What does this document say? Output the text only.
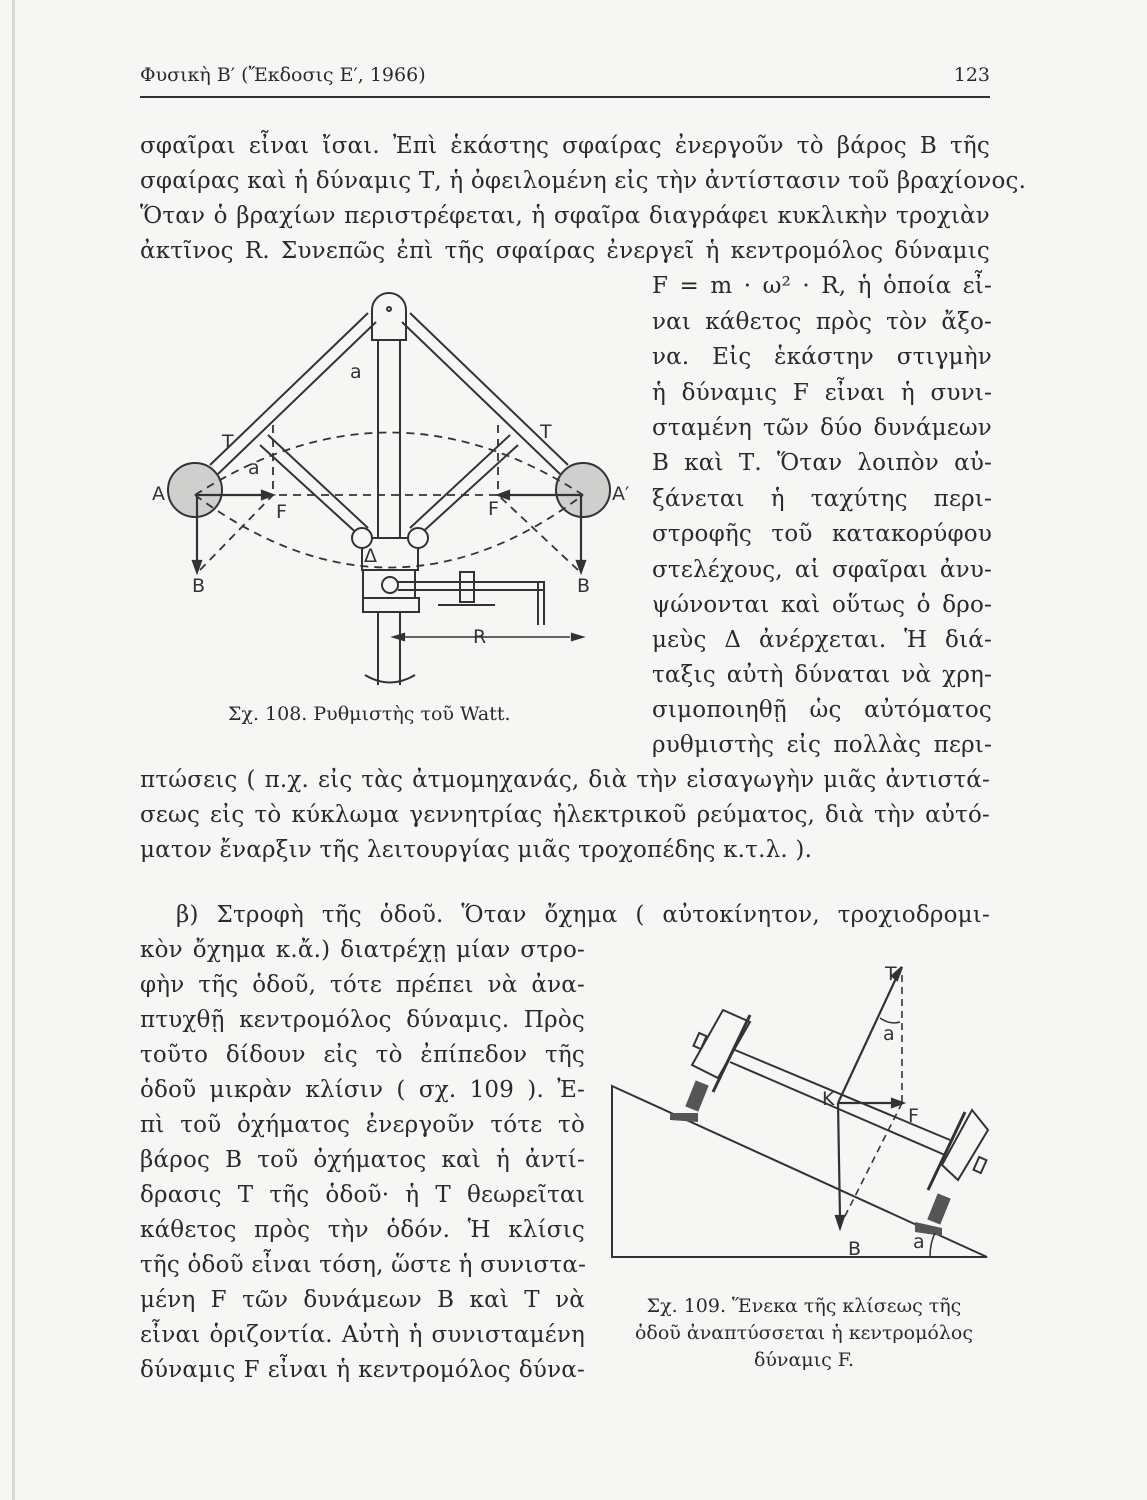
Φυσικὴ Β′ (Ἔκδοσις Ε′, 1966)	123
σφαῖραι εἶναι ἴσαι. Ἐπὶ ἑκάστης σφαίρας ἐνεργοῦν τὸ βάρος Β τῆς
σφαίρας καὶ ἡ δύναμις Τ, ἡ ὀφειλομένη εἰς τὴν ἀντίστασιν τοῦ βραχίονος.
Ὅταν ὁ βραχίων περιστρέφεται, ἡ σφαῖρα διαγράφει κυκλικὴν τροχιὰν
ἀκτῖνος R. Συνεπῶς ἐπὶ τῆς σφαίρας ἐνεργεῖ ἡ κεντρομόλος δύναμις
F = m · ω² · R, ἡ ὁποία εἶ-
ναι κάθετος πρὸς τὸν ἄξο-
να. Εἰς ἑκάστην στιγμὴν
ἡ δύναμις F εἶναι ἡ συνι-
σταμένη τῶν δύο δυνάμεων
Β καὶ Τ. Ὅταν λοιπὸν αὐ-
ξάνεται ἡ ταχύτης περι-
στροφῆς τοῦ κατακορύφου
στελέχους, αἱ σφαῖραι ἀνυ-
ψώνονται καὶ οὕτως ὁ δρο-
μεὺς Δ ἀνέρχεται. Ἡ διά-
ταξις αὐτὴ δύναται νὰ χρη-
σιμοποιηθῇ ὡς αὐτόματος
ρυθμιστὴς εἰς πολλὰς περι-
A	A′
T	T
a
a
F	F
B	B
Δ
R
Σχ. 108. Ρυθμιστὴς τοῦ Watt.
πτώσεις ( π.χ. εἰς τὰς ἀτμομηχανάς, διὰ τὴν εἰσαγωγὴν μιᾶς ἀντιστά-
σεως εἰς τὸ κύκλωμα γεννητρίας ἠλεκτρικοῦ ρεύματος, διὰ τὴν αὐτό-
ματον ἔναρξιν τῆς λειτουργίας μιᾶς τροχοπέδης κ.τ.λ. ).
β) Στροφὴ τῆς ὁδοῦ. Ὅταν ὄχημα ( αὐτοκίνητον, τροχιοδρομι-
κὸν ὄχημα κ.ἄ.) διατρέχῃ μίαν στρο-
φὴν τῆς ὁδοῦ, τότε πρέπει νὰ ἀνα-
πτυχθῇ κεντρομόλος δύναμις. Πρὸς
τοῦτο δίδουν εἰς τὸ ἐπίπεδον τῆς
ὁδοῦ μικρὰν κλίσιν ( σχ. 109 ). Ἐ-
πὶ τοῦ ὀχήματος ἐνεργοῦν τότε τὸ
βάρος Β τοῦ ὀχήματος καὶ ἡ ἀντί-
δρασις Τ τῆς ὁδοῦ· ἡ Τ θεωρεῖται
κάθετος πρὸς τὴν ὁδόν. Ἡ κλίσις
τῆς ὁδοῦ εἶναι τόση, ὥστε ἡ συνιστα-
μένη F τῶν δυνάμεων Β καὶ Τ νὰ
εἶναι ὁριζοντία. Αὐτὴ ἡ συνισταμένη
δύναμις F εἶναι ἡ κεντρομόλος δύνα-
T
a
K
F
B	a
Σχ. 109. Ἕνεκα τῆς κλίσεως τῆς
ὁδοῦ ἀναπτύσσεται ἡ κεντρομόλος
δύναμις F.
